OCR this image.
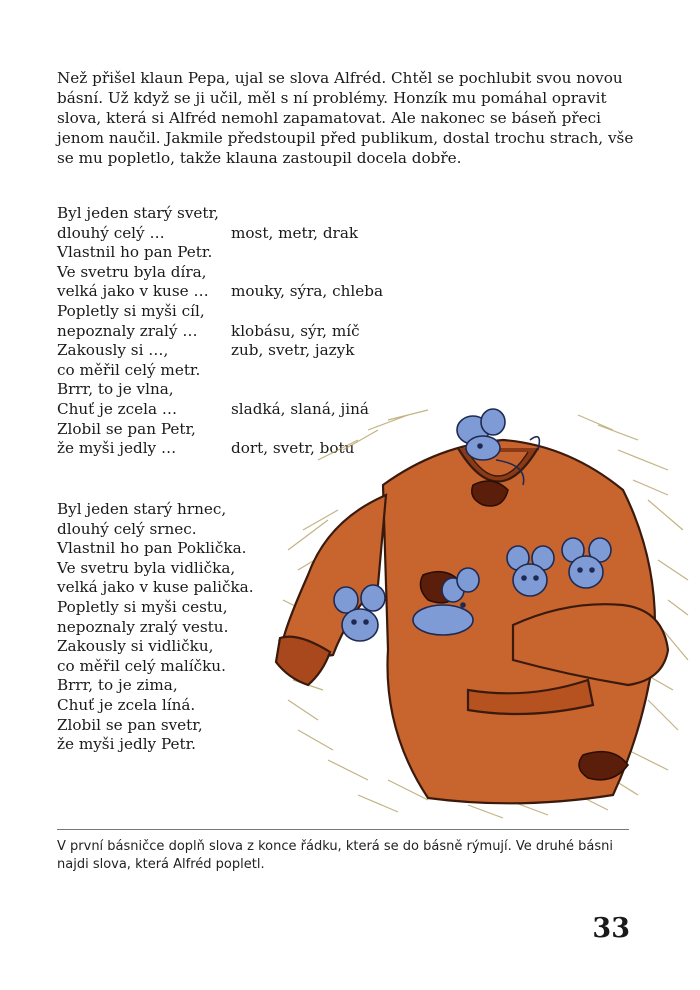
Než přišel klaun Pepa, ujal se slova Alfréd. Chtěl se pochlubit svou novou básní. Už když se ji učil, měl s ní problémy. Honzík mu pomáhal opravit slova, která si Alfréd nemohl zapamatovat. Ale nakonec se báseň přeci jenom naučil. Jakmile předstoupil před publikum, dostal trochu strach, vše se mu popletlo, takže klauna zastoupil docela dobře.

Byl jeden starý svetr,
dlouhý celý …
Vlastnil ho pan Petr.
Ve svetru byla díra,
velká jako v kuse …
Popletly si myši cíl,
nepoznaly zralý …
Zakously si …,
co měřil celý metr.
Brrr, to je vlna,
Chuť je zcela …
Zlobil se pan Petr,
že myši jedly …
most, metr, drak
mouky, sýra, chleba
klobásu, sýr, míč
zub, svetr, jazyk
sladká, slaná, jiná
dort, svetr, botu
Byl jeden starý hrnec,
dlouhý celý srnec.
Vlastnil ho pan Poklička.
Ve svetru byla vidlička,
velká jako v kuse palička.
Popletly si myši cestu,
nepoznaly zralý vestu.
Zakously si vidličku,
co měřil celý malíčku.
Brrr, to je zima,
Chuť je zcela líná.
Zlobil se pan svetr,
že myši jedly Petr.

V první básničce doplň slova z konce řádku, která se do básně rýmují. Ve druhé básni najdi slova, která Alfréd popletl.

33
